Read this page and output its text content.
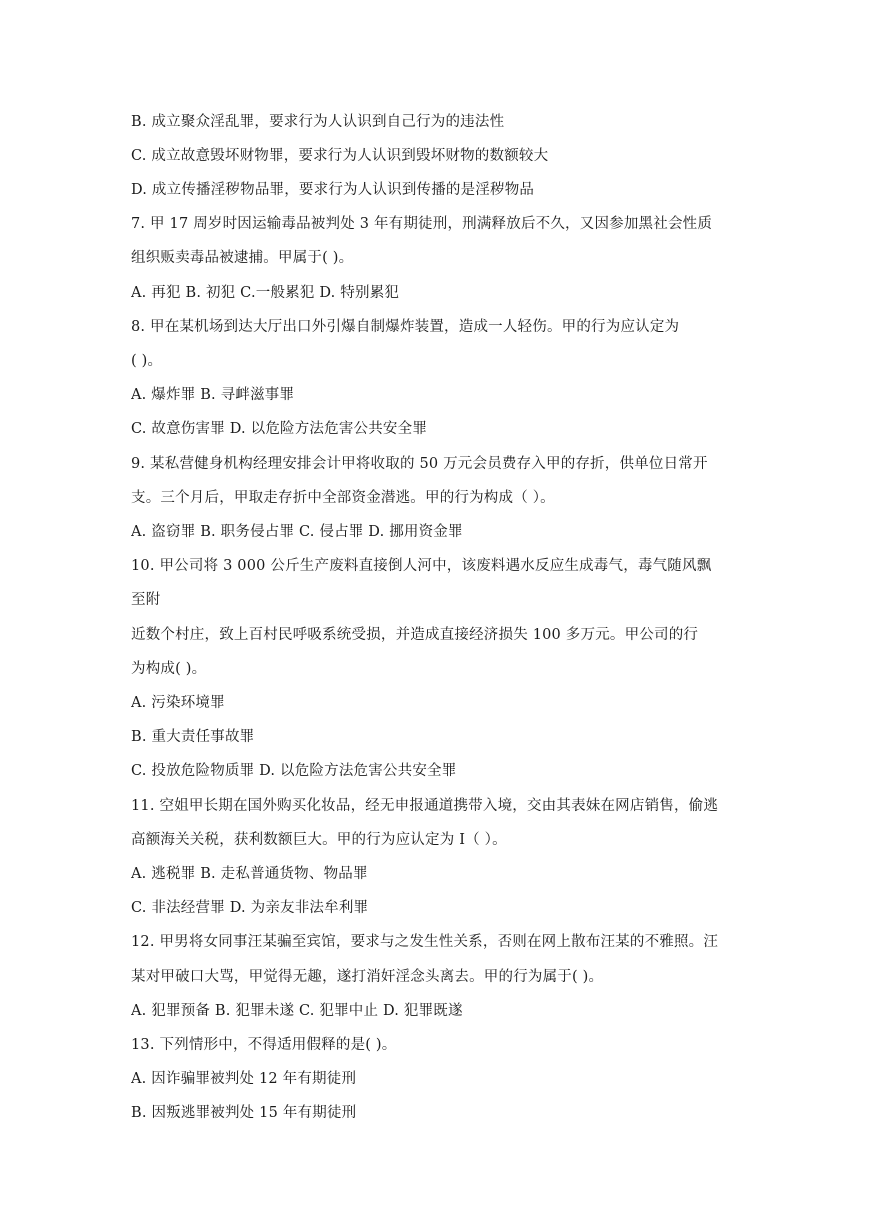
B. 成立聚众淫乱罪，要求行为人认识到自己行为的违法性
C. 成立故意毁坏财物罪，要求行为人认识到毁坏财物的数额较大
D. 成立传播淫秽物品罪，要求行为人认识到传播的是淫秽物品
7. 甲 17 周岁时因运输毒品被判处 3 年有期徒刑，刑满释放后不久，又因参加黑社会性质
组织贩卖毒品被逮捕。甲属于( )。
A. 再犯 B. 初犯 C.一般累犯 D. 特别累犯
8. 甲在某机场到达大厅出口外引爆自制爆炸装置，造成一人轻伤。甲的行为应认定为
( )。
A. 爆炸罪 B. 寻衅滋事罪
C. 故意伤害罪 D. 以危险方法危害公共安全罪
9. 某私营健身机构经理安排会计甲将收取的 50 万元会员费存入甲的存折，供单位日常开
支。三个月后，甲取走存折中全部资金潜逃。甲的行为构成（ ）。
A. 盗窃罪 B. 职务侵占罪 C. 侵占罪 D. 挪用资金罪
10. 甲公司将 3 000 公斤生产废料直接倒人河中，该废料遇水反应生成毒气，毒气随风飘
至附
近数个村庄，致上百村民呼吸系统受损，并造成直接经济损失 100 多万元。甲公司的行
为构成( )。
A. 污染环境罪
B. 重大责任事故罪
C. 投放危险物质罪 D. 以危险方法危害公共安全罪
11. 空姐甲长期在国外购买化妆品，经无申报通道携带入境，交由其表妹在网店销售，偷逃
高额海关关税，获利数额巨大。甲的行为应认定为 I（ ）。
A. 逃税罪 B. 走私普通货物、物品罪
C. 非法经营罪 D. 为亲友非法牟利罪
12. 甲男将女同事汪某骗至宾馆，要求与之发生性关系，否则在网上散布汪某的不雅照。汪
某对甲破口大骂，甲觉得无趣，遂打消奸淫念头离去。甲的行为属于( )。
A. 犯罪预备 B. 犯罪未遂 C. 犯罪中止 D. 犯罪既遂
13. 下列情形中，不得适用假释的是( )。
A. 因诈骗罪被判处 12 年有期徒刑
B. 因叛逃罪被判处 15 年有期徒刑
